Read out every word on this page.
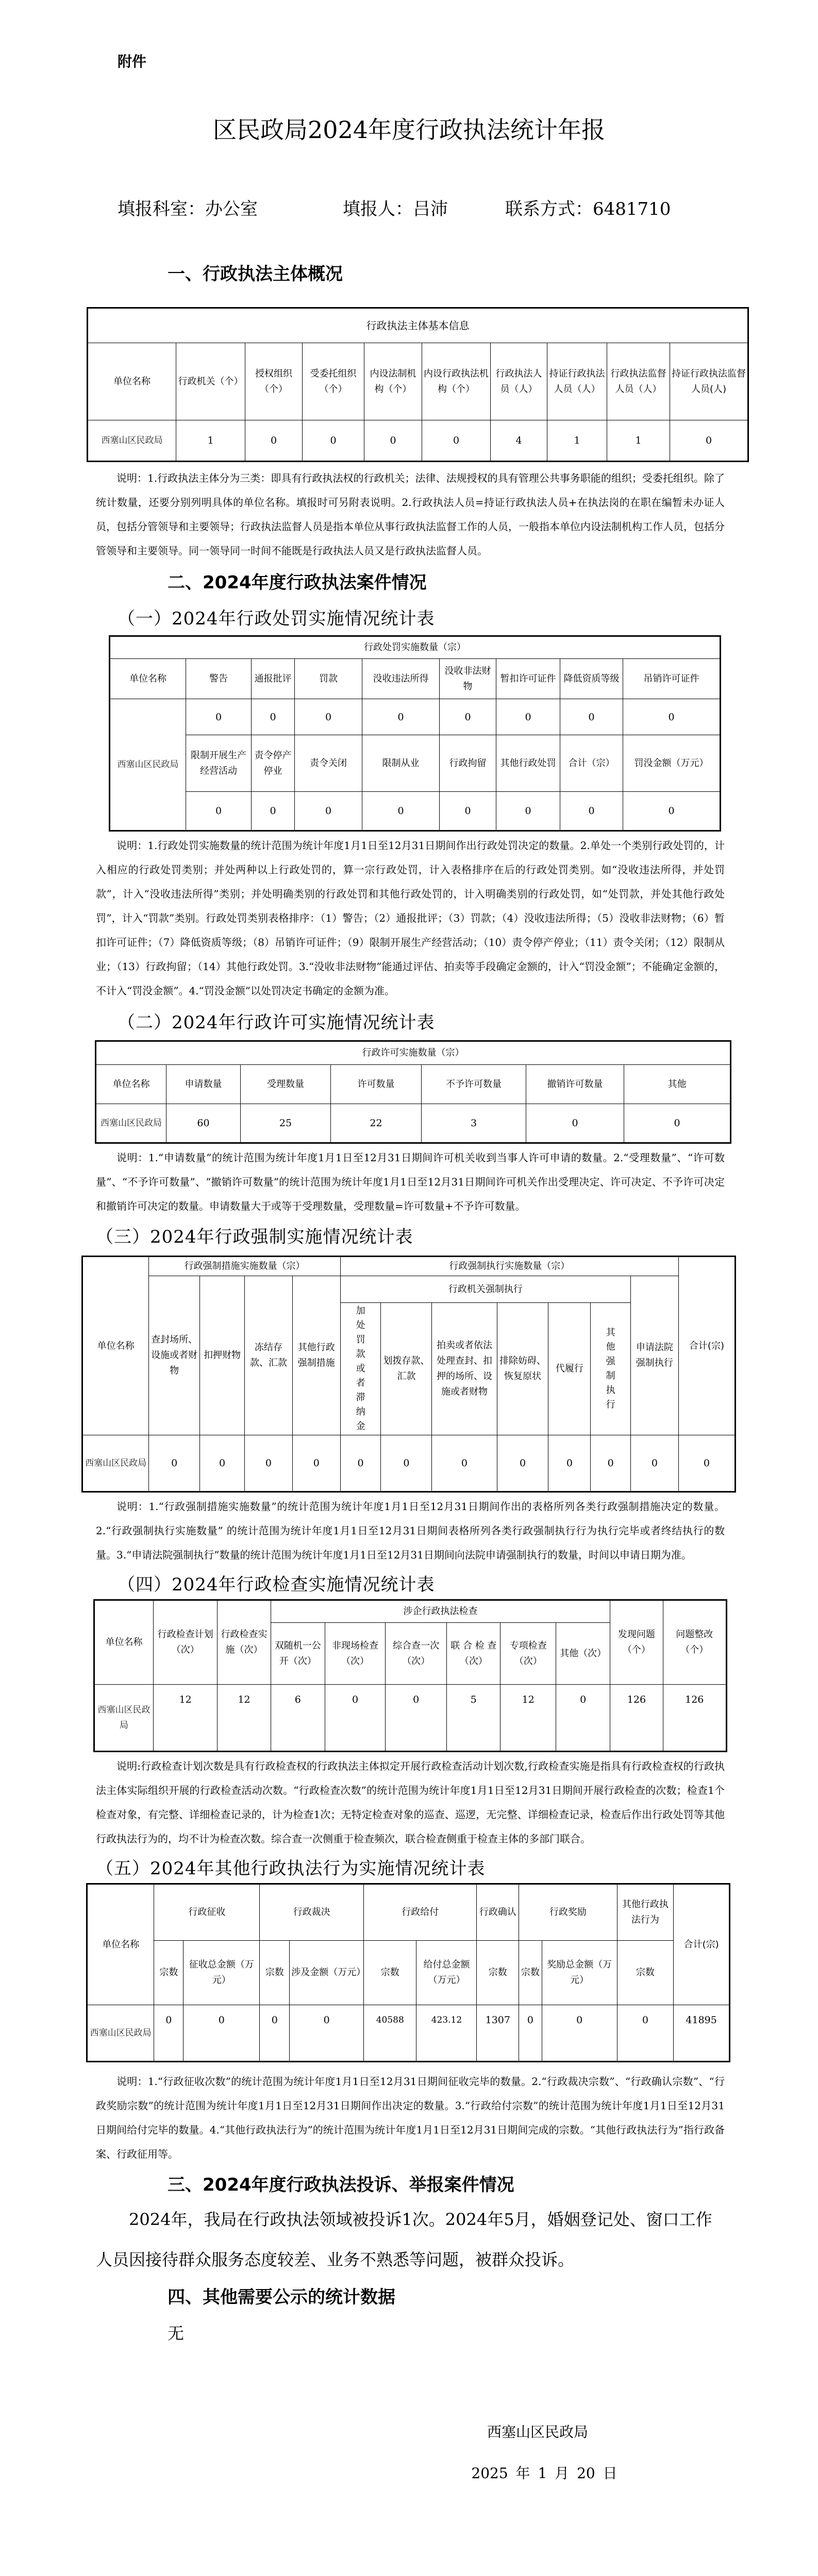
附件
区民政局2024年度行政执法统计年报
填报科室：办公室	填报人：吕沛	联系方式：6481710
一、行政执法主体概况
行政执法主体基本信息									
单位名称	行政机关（个）	授权组织（个）	受委托组织（个）	内设法制机构（个）	内设行政执法机构（个）	行政执法人员（人）	持证行政执法人员（人）	行政执法监督人员（人）	持证行政执法监督人员(人)
西塞山区民政局	1	0	0	0	0	4	1	1	0
说明：1.行政执法主体分为三类：即具有行政执法权的行政机关；法律、法规授权的具有管理公共事务职能的组织；受委托组织。除了统计数量，还要分别列明具体的单位名称。填报时可另附表说明。2.行政执法人员=持证行政执法人员+在执法岗的在职在编暂未办证人员，包括分管领导和主要领导；行政执法监督人员是指本单位从事行政执法监督工作的人员，一般指本单位内设法制机构工作人员，包括分管领导和主要领导。同一领导同一时间不能既是行政执法人员又是行政执法监督人员。
二、2024年度行政执法案件情况
（一）2024年行政处罚实施情况统计表
行政处罚实施数量（宗）								
单位名称	警告	通报批评	罚款	没收违法所得	没收非法财物	暂扣许可证件	降低资质等级	吊销许可证件
西塞山区民政局	0	0	0	0	0	0	0	0
	限制开展生产经营活动	责令停产停业	责令关闭	限制从业	行政拘留	其他行政处罚	合计（宗）	罚没金额（万元）
	0	0	0	0	0	0	0	0
说明：1.行政处罚实施数量的统计范围为统计年度1月1日至12月31日期间作出行政处罚决定的数量。2.单处一个类别行政处罚的，计入相应的行政处罚类别；并处两种以上行政处罚的，算一宗行政处罚，计入表格排序在后的行政处罚类别。如“没收违法所得，并处罚款”，计入“没收违法所得”类别；并处明确类别的行政处罚和其他行政处罚的，计入明确类别的行政处罚，如“处罚款，并处其他行政处罚”，计入“罚款”类别。行政处罚类别表格排序：（1）警告；（2）通报批评；（3）罚款；（4）没收违法所得；（5）没收非法财物；（6）暂扣许可证件；（7）降低资质等级；（8）吊销许可证件；（9）限制开展生产经营活动；（10）责令停产停业；（11）责令关闭；（12）限制从业；（13）行政拘留；（14）其他行政处罚。3.“没收非法财物”能通过评估、拍卖等手段确定金额的，计入“罚没金额”；不能确定金额的，不计入“罚没金额”。4.“罚没金额”以处罚决定书确定的金额为准。
（二）2024年行政许可实施情况统计表
行政许可实施数量（宗）						
单位名称	申请数量	受理数量	许可数量	不予许可数量	撤销许可数量	其他
西塞山区民政局	60	25	22	3	0	0
说明：1.“申请数量”的统计范围为统计年度1月1日至12月31日期间许可机关收到当事人许可申请的数量。2.“受理数量”、“许可数量”、“不予许可数量”、“撤销许可数量”的统计范围为统计年度1月1日至12月31日期间许可机关作出受理决定、许可决定、不予许可决定和撤销许可决定的数量。申请数量大于或等于受理数量，受理数量=许可数量+不予许可数量。
（三）2024年行政强制实施情况统计表
单位名称	行政强制措施实施数量（宗）				行政强制执行实施数量（宗）							合计(宗)
	查封场所、设施或者财物	扣押财物	冻结存款、汇款	其他行政强制措施	行政机关强制执行						申请法院强制执行	

					加处罚款或者滞纳金	划拨存款、汇款	拍卖或者依法处理查封、扣押的场所、设施或者财物	排除妨碍、恢复原状	代履行	其他强制执行		

西塞山区民政局	0	0	0	0	0	0	0	0	0	0	0	0
说明：1.“行政强制措施实施数量”的统计范围为统计年度1月1日至12月31日期间作出的表格所列各类行政强制措施决定的数量。2.“行政强制执行实施数量” 的统计范围为统计年度1月1日至12月31日期间表格所列各类行政强制执行行为执行完毕或者终结执行的数量。3.“申请法院强制执行”数量的统计范围为统计年度1月1日至12月31日期间向法院申请强制执行的数量，时间以申请日期为准。
（四）2024年行政检查实施情况统计表
单位名称	行政检查计划（次）	行政检查实施（次）	涉企行政执法检查						发现问题（个）	问题整改（个）
			双随机一公开（次）	非现场检查（次）	综合查一次（次）	联 合 检 查（次）	专项检查（次）	其他（次）		
西塞山区民政局	12	12	6	0	0	5	12	0	126	126
说明:行政检查计划次数是具有行政检查权的行政执法主体拟定开展行政检查活动计划次数,行政检查实施是指具有行政检查权的行政执法主体实际组织开展的行政检查活动次数。“行政检查次数”的统计范围为统计年度1月1日至12月31日期间开展行政检查的次数；检查1个检查对象，有完整、详细检查记录的，计为检查1次；无特定检查对象的巡查、巡逻，无完整、详细检查记录，检查后作出行政处罚等其他行政执法行为的，均不计为检查次数。综合查一次侧重于检查频次，联合检查侧重于检查主体的多部门联合。
（五）2024年其他行政执法行为实施情况统计表
单位名称	行政征收		行政裁决		行政给付		行政确认	行政奖励		其他行政执法行为	合计(宗)
	宗数	征收总金额（万元）	宗数	涉及金额（万元）	宗数	给付总金额（万元）	宗数	宗数	奖励总金额（万元）	宗数	
西塞山区民政局	0	0	0	0	40588	423.12	1307	0	0	0	41895
说明：1.“行政征收次数”的统计范围为统计年度1月1日至12月31日期间征收完毕的数量。2.“行政裁决宗数”、“行政确认宗数”、“行政奖励宗数”的统计范围为统计年度1月1日至12月31日期间作出决定的数量。3.“行政给付宗数”的统计范围为统计年度1月1日至12月31日期间给付完毕的数量。4.“其他行政执法行为”的统计范围为统计年度1月1日至12月31日期间完成的宗数。“其他行政执法行为”指行政备案、行政征用等。
三、2024年度行政执法投诉、举报案件情况
2024年，我局在行政执法领域被投诉1次。2024年5月，婚姻登记处、窗口工作人员因接待群众服务态度较差、业务不熟悉等问题，被群众投诉。
四、其他需要公示的统计数据
无
西塞山区民政局
2025 年 1 月 20 日
